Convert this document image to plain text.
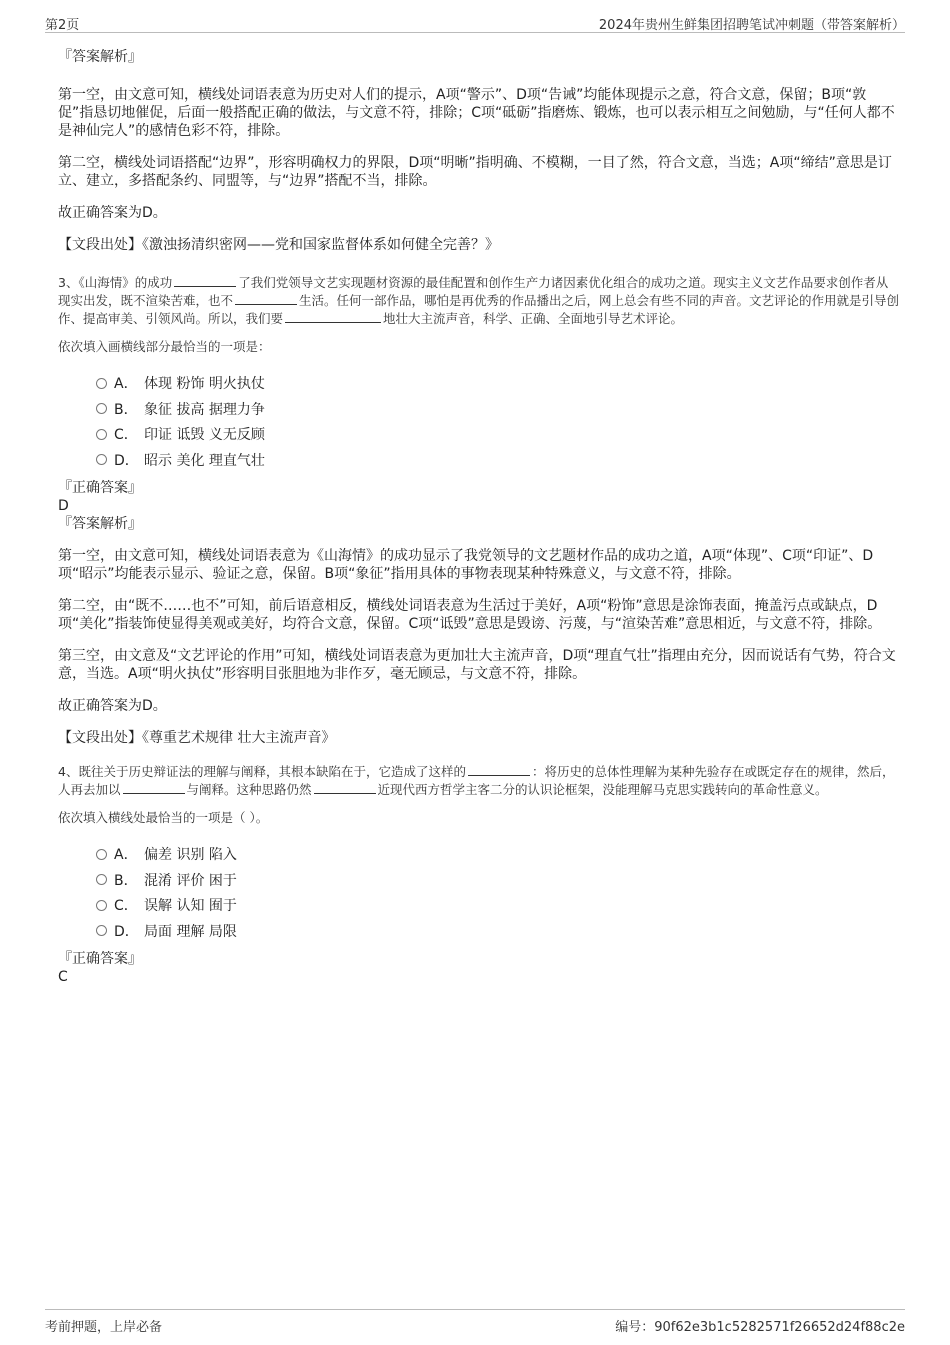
第2页	2024年贵州生鲜集团招聘笔试冲刺题（带答案解析）

『答案解析』

第一空，由文意可知，横线处词语表意为历史对人们的提示，A项“警示”、D项“告诫”均能体现提示之意，符合文意，保留；B项“敦促”指恳切地催促，后面一般搭配正确的做法，与文意不符，排除；C项“砥砺”指磨炼、锻炼，也可以表示相互之间勉励，与“任何人都不是神仙完人”的感情色彩不符，排除。

第二空，横线处词语搭配“边界”，形容明确权力的界限，D项“明晰”指明确、不模糊，一目了然，符合文意，当选；A项“缔结”意思是订立、建立，多搭配条约、同盟等，与“边界”搭配不当，排除。

故正确答案为D。

【文段出处】《激浊扬清织密网——党和国家监督体系如何健全完善？》

3、《山海情》的成功	了我们党领导文艺实现题材资源的最佳配置和创作生产力诸因素优化组合的成功之道。现实主义文艺作品要求创作者从现实出发，既不渲染苦难，也不	生活。任何一部作品，哪怕是再优秀的作品播出之后，网上总会有些不同的声音。文艺评论的作用就是引导创作、提高审美、引领风尚。所以，我们要	地壮大主流声音，科学、正确、全面地引导艺术评论。

依次填入画横线部分最恰当的一项是：

A． 体现 粉饰 明火执仗
B． 象征 拔高 据理力争
C． 印证 诋毁 义无反顾
D． 昭示 美化 理直气壮

『正确答案』

D

『答案解析』

第一空，由文意可知，横线处词语表意为《山海情》的成功显示了我党领导的文艺题材作品的成功之道，A项“体现”、C项“印证”、D项“昭示”均能表示显示、验证之意，保留。B项“象征”指用具体的事物表现某种特殊意义，与文意不符，排除。

第二空，由“既不……也不”可知，前后语意相反，横线处词语表意为生活过于美好，A项“粉饰”意思是涂饰表面，掩盖污点或缺点，D项“美化”指装饰使显得美观或美好，均符合文意，保留。C项“诋毁”意思是毁谤、污蔑，与“渲染苦难”意思相近，与文意不符，排除。

第三空，由文意及“文艺评论的作用”可知，横线处词语表意为更加壮大主流声音，D项“理直气壮”指理由充分，因而说话有气势，符合文意，当选。A项“明火执仗”形容明目张胆地为非作歹，毫无顾忌，与文意不符，排除。

故正确答案为D。

【文段出处】《尊重艺术规律 壮大主流声音》

4、既往关于历史辩证法的理解与阐释，其根本缺陷在于，它造成了这样的	：将历史的总体性理解为某种先验存在或既定存在的规律，然后，人再去加以	与阐释。这种思路仍然	近现代西方哲学主客二分的认识论框架，没能理解马克思实践转向的革命性意义。

依次填入横线处最恰当的一项是（ ）。

A． 偏差 识别 陷入
B． 混淆 评价 困于
C． 误解 认知 囿于
D． 局面 理解 局限

『正确答案』

C

考前押题，上岸必备	编号：90f62e3b1c5282571f26652d24f88c2e
